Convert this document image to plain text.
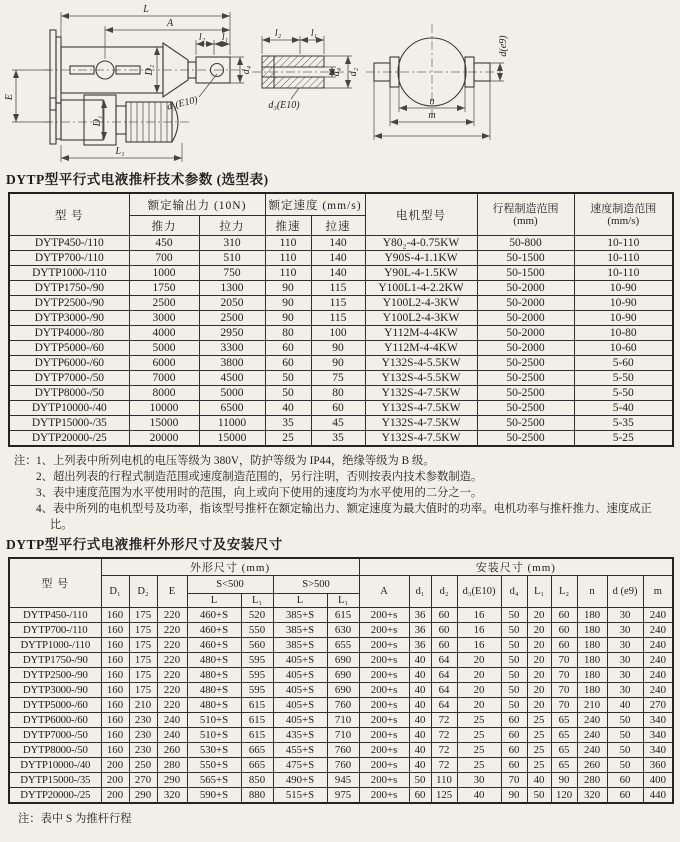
L
A
l₂ l₁
D₂	d₄
d₃(E10)
E
D₁
L₁
l₂	l₁
d₄ d₂
d₃(E10)
d(e9)
n
m
DYTP型平行式电液推杆技术参数 (选型表)
型 号	额定输出力 (10N)	额定速度 (mm/s)	电机型号	
行程制造范围
(mm)

速度制造范围
(mm/s)

	推力	拉力	推速	拉速			
DYTP450-/110	450	310	110	140	Y80₂-4-0.75KW	50-800	10-110
DYTP700-/110	700	510	110	140	Y90S-4-1.1KW	50-1500	10-110
DYTP1000-/110	1000	750	110	140	Y90L-4-1.5KW	50-1500	10-110
DYTP1750-/90	1750	1300	90	115	Y100L1-4-2.2KW	50-2000	10-90
DYTP2500-/90	2500	2050	90	115	Y100L2-4-3KW	50-2000	10-90
DYTP3000-/90	3000	2500	90	115	Y100L2-4-3KW	50-2000	10-90
DYTP4000-/80	4000	2950	80	100	Y112M-4-4KW	50-2000	10-80
DYTP5000-/60	5000	3300	60	90	Y112M-4-4KW	50-2000	10-60
DYTP6000-/60	6000	3800	60	90	Y132S-4-5.5KW	50-2500	5-60
DYTP7000-/50	7000	4500	50	75	Y132S-4-5.5KW	50-2500	5-50
DYTP8000-/50	8000	5000	50	80	Y132S-4-7.5KW	50-2500	5-50
DYTP10000-/40	10000	6500	40	60	Y132S-4-7.5KW	50-2500	5-40
DYTP15000-/35	15000	11000	35	45	Y132S-4-7.5KW	50-2500	5-35
DYTP20000-/25	20000	15000	25	35	Y132S-4-7.5KW	50-2500	5-25
注： 1、上列表中所列电机的电压等级为 380V，防护等级为 IP44，绝缘等级为 B 级。
2、超出列表的行程式制造范围或速度制造范围的，另行注明，否则按表内技术参数制造。
3、表中速度范围为水平使用时的范围，向上或向下使用的速度均为水平使用的二分之一。
4、表中所列的电机型号及功率，指该型号推杆在额定输出力、额定速度为最大值时的功率。电机功率与推杆推力、速度成正比。
DYTP型平行式电液推杆外形尺寸及安装尺寸
型 号	外形尺寸 (mm)							安装尺寸 (mm)									
	D₁	D₂	E	S<500		S>500		A	d₁	d₂	d₃(E10)	d₄	L₁	L₂	n	d (e9)	m
				L	L₁	L	L₁										
DYTP450-/110	160	175	220	460+S	520	385+S	615	200+s	36	60	16	50	20	60	180	30	240
DYTP700-/110	160	175	220	460+S	550	385+S	630	200+s	36	60	16	50	20	60	180	30	240
DYTP1000-/110	160	175	220	460+S	560	385+S	655	200+s	36	60	16	50	20	60	180	30	240
DYTP1750-/90	160	175	220	480+S	595	405+S	690	200+s	40	64	20	50	20	70	180	30	240
DYTP2500-/90	160	175	220	480+S	595	405+S	690	200+s	40	64	20	50	20	70	180	30	240
DYTP3000-/90	160	175	220	480+S	595	405+S	690	200+s	40	64	20	50	20	70	180	30	240
DYTP5000-/60	160	210	220	480+S	615	405+S	760	200+s	40	64	20	50	20	70	210	40	270
DYTP6000-/60	160	230	240	510+S	615	405+S	710	200+s	40	72	25	60	25	65	240	50	340
DYTP7000-/50	160	230	240	510+S	615	435+S	710	200+s	40	72	25	60	25	65	240	50	340
DYTP8000-/50	160	230	260	530+S	665	455+S	760	200+s	40	72	25	60	25	65	240	50	340
DYTP10000-/40	200	250	280	550+S	665	475+S	760	200+s	40	72	25	60	25	65	260	50	360
DYTP15000-/35	200	270	290	565+S	850	490+S	945	200+s	50	110	30	70	40	90	280	60	400
DYTP20000-/25	200	290	320	590+S	880	515+S	975	200+s	60	125	40	90	50	120	320	60	440
注：表中 S 为推杆行程
